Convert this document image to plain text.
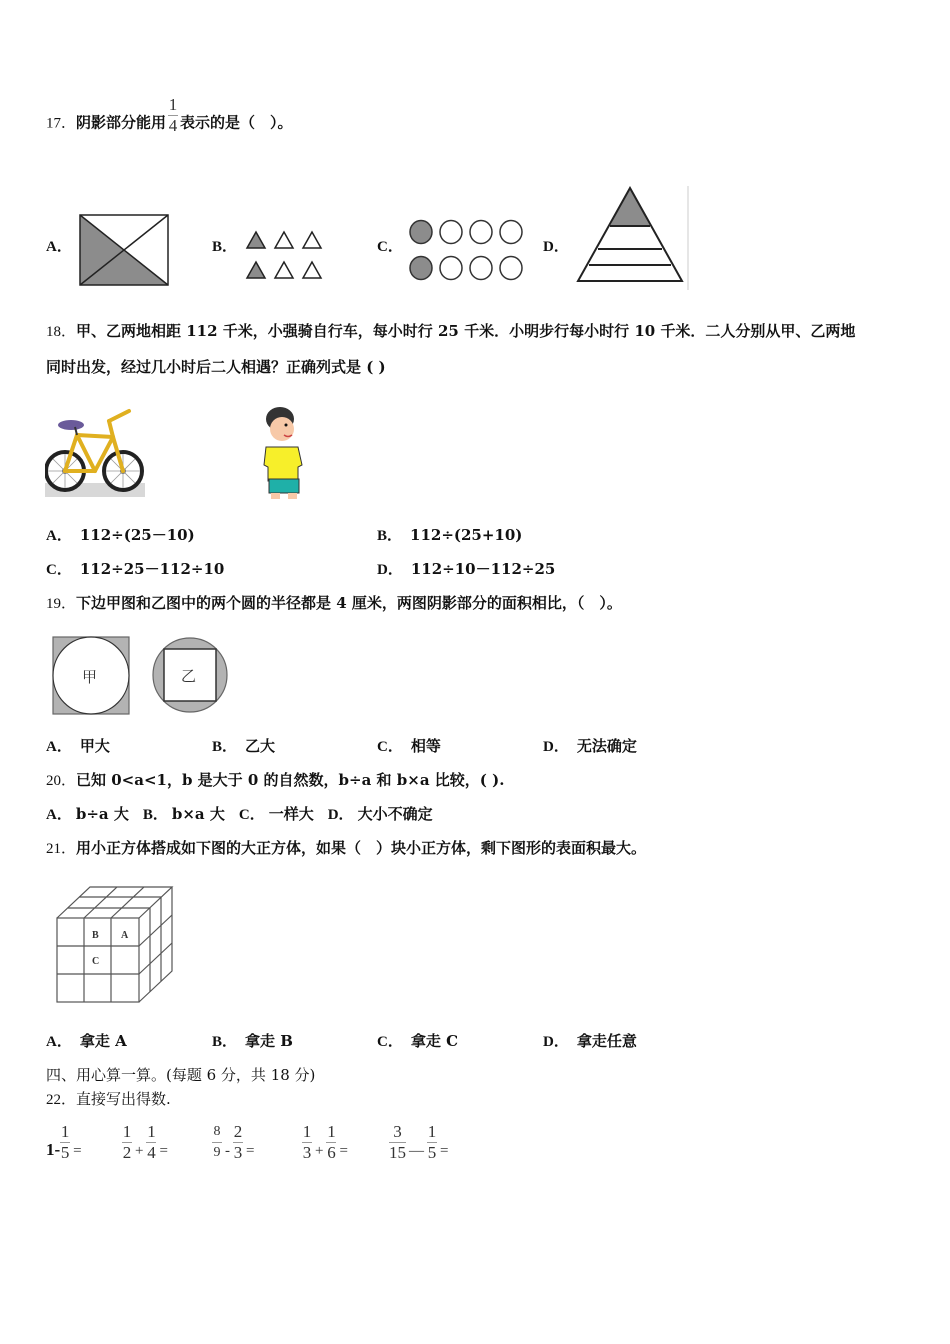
17．阴影部分能用 $\frac{1}{4}$ 表示的是（　）。
A．	B．	C．	D．
18．甲、乙两地相距 112 千米，小强骑自行车，每小时行 25 千米．小明步行每小时行 10 千米．二人分别从甲、乙两地
同时出发，经过几小时后二人相遇？正确列式是 ( )
A． 112÷(25－10)	B． 112÷(25+10)
C． 112÷25－112÷10	D． 112÷10－112÷25
19．下边甲图和乙图中的两个圆的半径都是 4 厘米，两图阴影部分的面积相比，（　）。
甲	乙
A． 甲大	B． 乙大	C． 相等	D． 无法确定
20．已知 0<a<1，b 是大于 0 的自然数，b÷a 和 b×a 比较，( ).
A． b÷a 大 B． b×a 大 C． 一样大 D． 大小不确定
21．用小正方体搭成如下图的大正方体，如果（　）块小正方体，剩下图形的表面积最大。
B A
C
A． 拿走 A	B． 拿走 B	C． 拿走 C	D． 拿走任意
四、用心算一算。(每题 6 分，共 18 分)
22．直接写出得数.
$1- \frac{1}{5} = \frac{1}{2} + \frac{1}{4}$ =	$\frac{8}{9} - \frac{2}{3}$ =	$\frac{1}{3} + \frac{1}{6} = \frac{3}{15}$ — $\frac{1}{5}$ =
